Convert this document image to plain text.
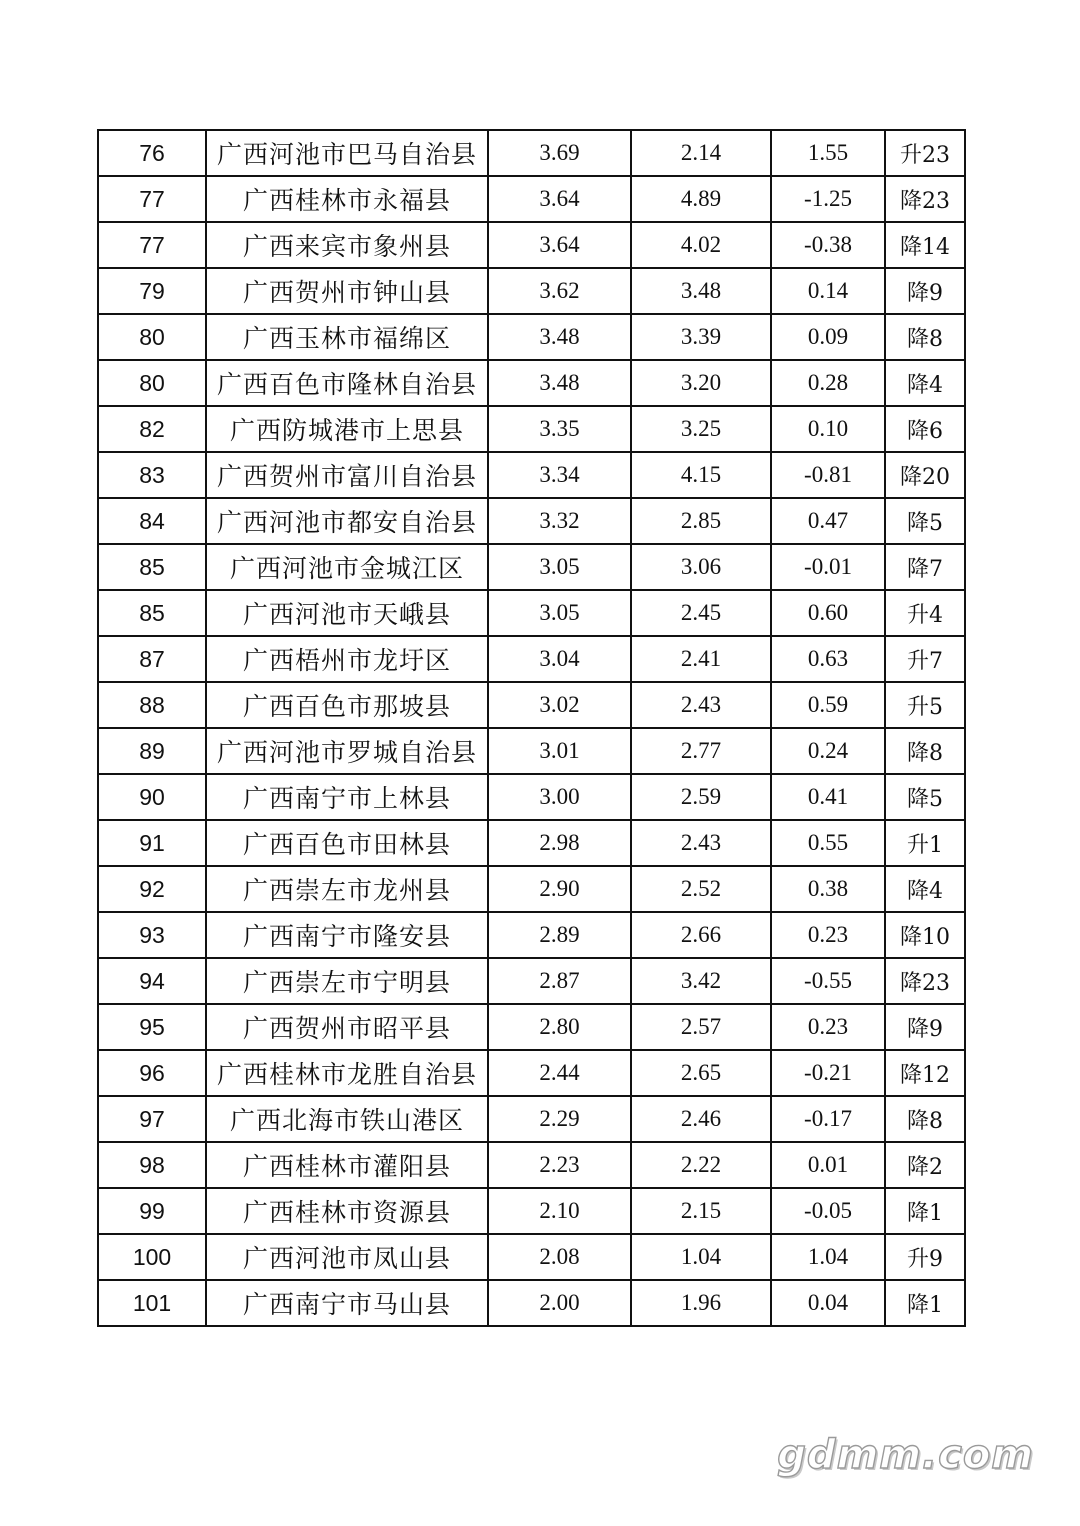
76	广西河池市巴马自治县	3.69	2.14	1.55	升23
77	广西桂林市永福县	3.64	4.89	-1.25	降23
77	广西来宾市象州县	3.64	4.02	-0.38	降14
79	广西贺州市钟山县	3.62	3.48	0.14	降9
80	广西玉林市福绵区	3.48	3.39	0.09	降8
80	广西百色市隆林自治县	3.48	3.20	0.28	降4
82	广西防城港市上思县	3.35	3.25	0.10	降6
83	广西贺州市富川自治县	3.34	4.15	-0.81	降20
84	广西河池市都安自治县	3.32	2.85	0.47	降5
85	广西河池市金城江区	3.05	3.06	-0.01	降7
85	广西河池市天峨县	3.05	2.45	0.60	升4
87	广西梧州市龙圩区	3.04	2.41	0.63	升7
88	广西百色市那坡县	3.02	2.43	0.59	升5
89	广西河池市罗城自治县	3.01	2.77	0.24	降8
90	广西南宁市上林县	3.00	2.59	0.41	降5
91	广西百色市田林县	2.98	2.43	0.55	升1
92	广西崇左市龙州县	2.90	2.52	0.38	降4
93	广西南宁市隆安县	2.89	2.66	0.23	降10
94	广西崇左市宁明县	2.87	3.42	-0.55	降23
95	广西贺州市昭平县	2.80	2.57	0.23	降9
96	广西桂林市龙胜自治县	2.44	2.65	-0.21	降12
97	广西北海市铁山港区	2.29	2.46	-0.17	降8
98	广西桂林市灌阳县	2.23	2.22	0.01	降2
99	广西桂林市资源县	2.10	2.15	-0.05	降1
100	广西河池市凤山县	2.08	1.04	1.04	升9
101	广西南宁市马山县	2.00	1.96	0.04	降1
gdmm.com
